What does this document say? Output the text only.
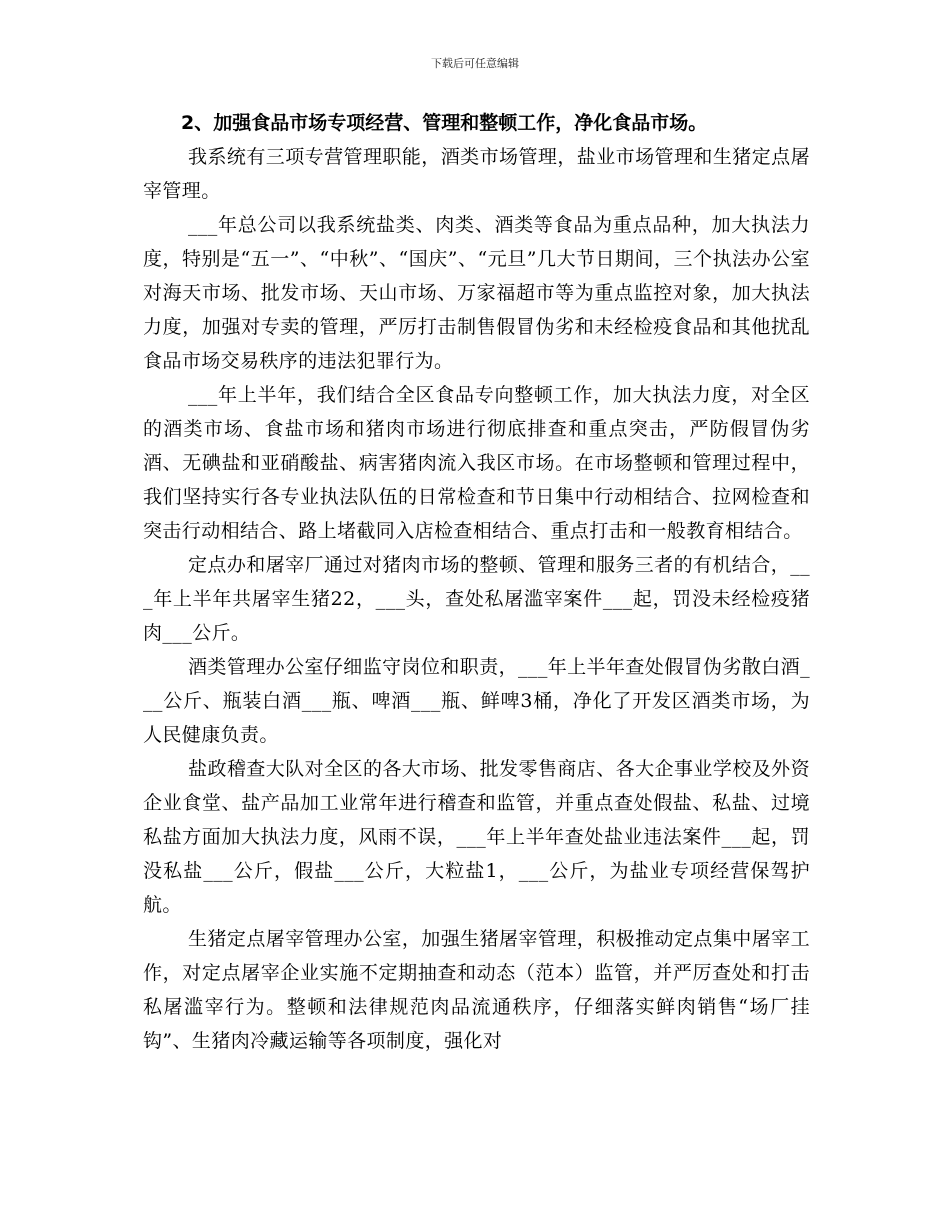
下载后可任意编辑
2、加强食品市场专项经营、管理和整顿工作，净化食品市场。

我系统有三项专营管理职能，酒类市场管理，盐业市场管理和生猪定点屠宰管理。

___年总公司以我系统盐类、肉类、酒类等食品为重点品种，加大执法力度，特别是“五一”、“中秋”、“国庆”、“元旦”几大节日期间，三个执法办公室对海天市场、批发市场、天山市场、万家福超市等为重点监控对象，加大执法力度，加强对专卖的管理，严厉打击制售假冒伪劣和未经检疫食品和其他扰乱食品市场交易秩序的违法犯罪行为。

___年上半年，我们结合全区食品专向整顿工作，加大执法力度，对全区的酒类市场、食盐市场和猪肉市场进行彻底排查和重点突击，严防假冒伪劣酒、无碘盐和亚硝酸盐、病害猪肉流入我区市场。在市场整顿和管理过程中，我们坚持实行各专业执法队伍的日常检查和节日集中行动相结合、拉网检查和突击行动相结合、路上堵截同入店检查相结合、重点打击和一般教育相结合。

定点办和屠宰厂通过对猪肉市场的整顿、管理和服务三者的有机结合，___年上半年共屠宰生猪22，___头，查处私屠滥宰案件___起，罚没未经检疫猪肉___公斤。

酒类管理办公室仔细监守岗位和职责，___年上半年查处假冒伪劣散白酒___公斤、瓶装白酒___瓶、啤酒___瓶、鲜啤3桶，净化了开发区酒类市场，为人民健康负责。

盐政稽查大队对全区的各大市场、批发零售商店、各大企事业学校及外资企业食堂、盐产品加工业常年进行稽查和监管，并重点查处假盐、私盐、过境私盐方面加大执法力度，风雨不误，___年上半年查处盐业违法案件___起，罚没私盐___公斤，假盐___公斤，大粒盐1，___公斤，为盐业专项经营保驾护航。

生猪定点屠宰管理办公室，加强生猪屠宰管理，积极推动定点集中屠宰工作，对定点屠宰企业实施不定期抽查和动态（范本）监管，并严厉查处和打击私屠滥宰行为。整顿和法律规范肉品流通秩序，仔细落实鲜肉销售“场厂挂钩”、生猪肉冷藏运输等各项制度，强化对
